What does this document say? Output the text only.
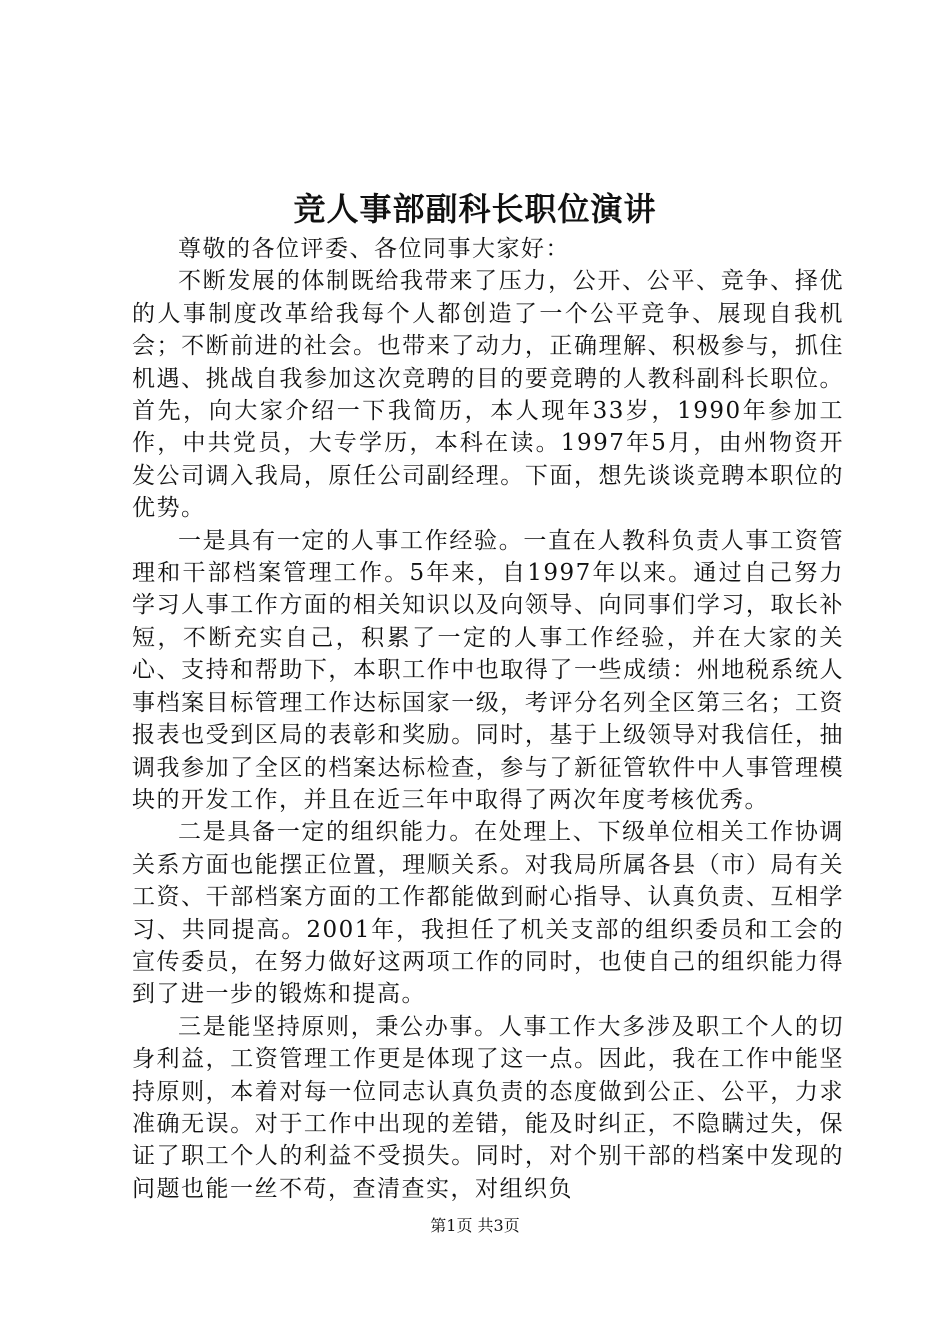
竞人事部副科长职位演讲

尊敬的各位评委、各位同事大家好：

不断发展的体制既给我带来了压力，公开、公平、竞争、择优的人事制度改革给我每个人都创造了一个公平竞争、展现自我机会；不断前进的社会。也带来了动力，正确理解、积极参与，抓住机遇、挑战自我参加这次竞聘的目的要竞聘的人教科副科长职位。首先，向大家介绍一下我简历，本人现年33岁，1990年参加工作，中共党员，大专学历，本科在读。1997年5月，由州物资开发公司调入我局，原任公司副经理。下面，想先谈谈竞聘本职位的优势。

一是具有一定的人事工作经验。一直在人教科负责人事工资管理和干部档案管理工作。5年来，自1997年以来。通过自己努力学习人事工作方面的相关知识以及向领导、向同事们学习，取长补短，不断充实自己，积累了一定的人事工作经验，并在大家的关心、支持和帮助下，本职工作中也取得了一些成绩：州地税系统人事档案目标管理工作达标国家一级，考评分名列全区第三名；工资报表也受到区局的表彰和奖励。同时，基于上级领导对我信任，抽调我参加了全区的档案达标检查，参与了新征管软件中人事管理模块的开发工作，并且在近三年中取得了两次年度考核优秀。

二是具备一定的组织能力。在处理上、下级单位相关工作协调关系方面也能摆正位置，理顺关系。对我局所属各县（市）局有关工资、干部档案方面的工作都能做到耐心指导、认真负责、互相学习、共同提高。2001年，我担任了机关支部的组织委员和工会的宣传委员，在努力做好这两项工作的同时，也使自己的组织能力得到了进一步的锻炼和提高。

三是能坚持原则，秉公办事。人事工作大多涉及职工个人的切身利益，工资管理工作更是体现了这一点。因此，我在工作中能坚持原则，本着对每一位同志认真负责的态度做到公正、公平，力求准确无误。对于工作中出现的差错，能及时纠正，不隐瞒过失，保证了职工个人的利益不受损失。同时，对个别干部的档案中发现的问题也能一丝不苟，查清查实，对组织负

第1页 共3页
